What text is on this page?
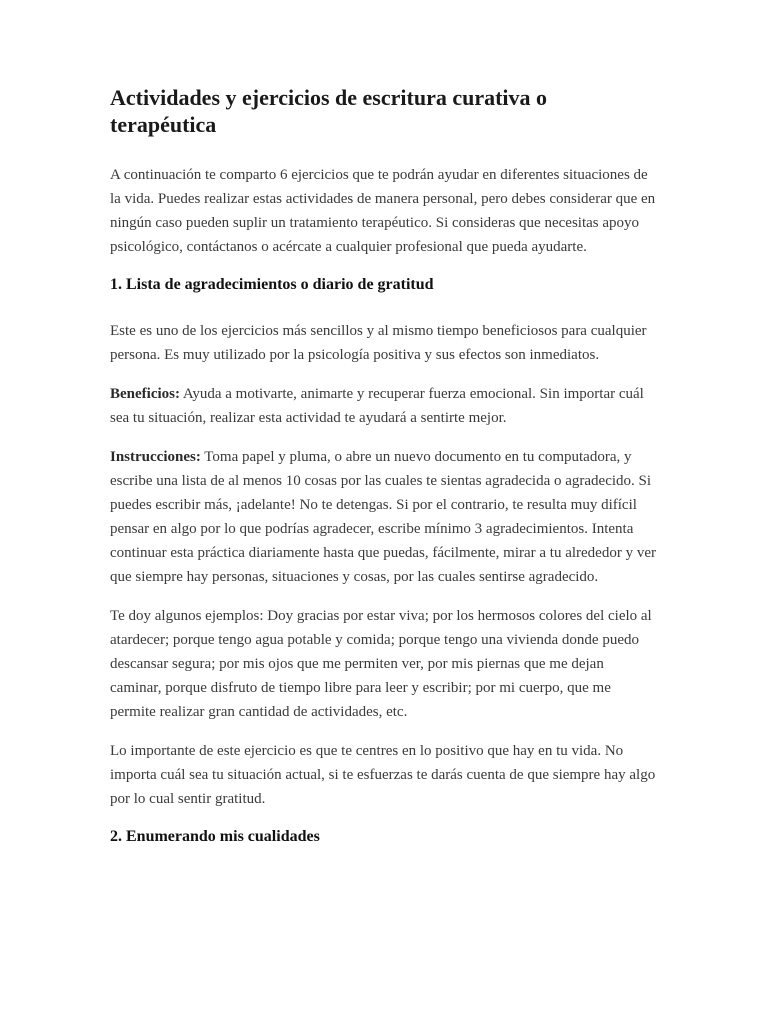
Actividades y ejercicios de escritura curativa o terapéutica

A continuación te comparto 6 ejercicios que te podrán ayudar en diferentes situaciones de la vida. Puedes realizar estas actividades de manera personal, pero debes considerar que en ningún caso pueden suplir un tratamiento terapéutico. Si consideras que necesitas apoyo psicológico, contáctanos o acércate a cualquier profesional que pueda ayudarte.

1. Lista de agradecimientos o diario de gratitud

Este es uno de los ejercicios más sencillos y al mismo tiempo beneficiosos para cualquier persona. Es muy utilizado por la psicología positiva y sus efectos son inmediatos.

Beneficios: Ayuda a motivarte, animarte y recuperar fuerza emocional. Sin importar cuál sea tu situación, realizar esta actividad te ayudará a sentirte mejor.

Instrucciones: Toma papel y pluma, o abre un nuevo documento en tu computadora, y escribe una lista de al menos 10 cosas por las cuales te sientas agradecida o agradecido. Si puedes escribir más, ¡adelante! No te detengas. Si por el contrario, te resulta muy difícil pensar en algo por lo que podrías agradecer, escribe mínimo 3 agradecimientos. Intenta continuar esta práctica diariamente hasta que puedas, fácilmente, mirar a tu alrededor y ver que siempre hay personas, situaciones y cosas, por las cuales sentirse agradecido.

Te doy algunos ejemplos: Doy gracias por estar viva; por los hermosos colores del cielo al atardecer; porque tengo agua potable y comida; porque tengo una vivienda donde puedo descansar segura; por mis ojos que me permiten ver, por mis piernas que me dejan caminar, porque disfruto de tiempo libre para leer y escribir; por mi cuerpo, que me permite realizar gran cantidad de actividades, etc.

Lo importante de este ejercicio es que te centres en lo positivo que hay en tu vida. No importa cuál sea tu situación actual, si te esfuerzas te darás cuenta de que siempre hay algo por lo cual sentir gratitud.

2. Enumerando mis cualidades
